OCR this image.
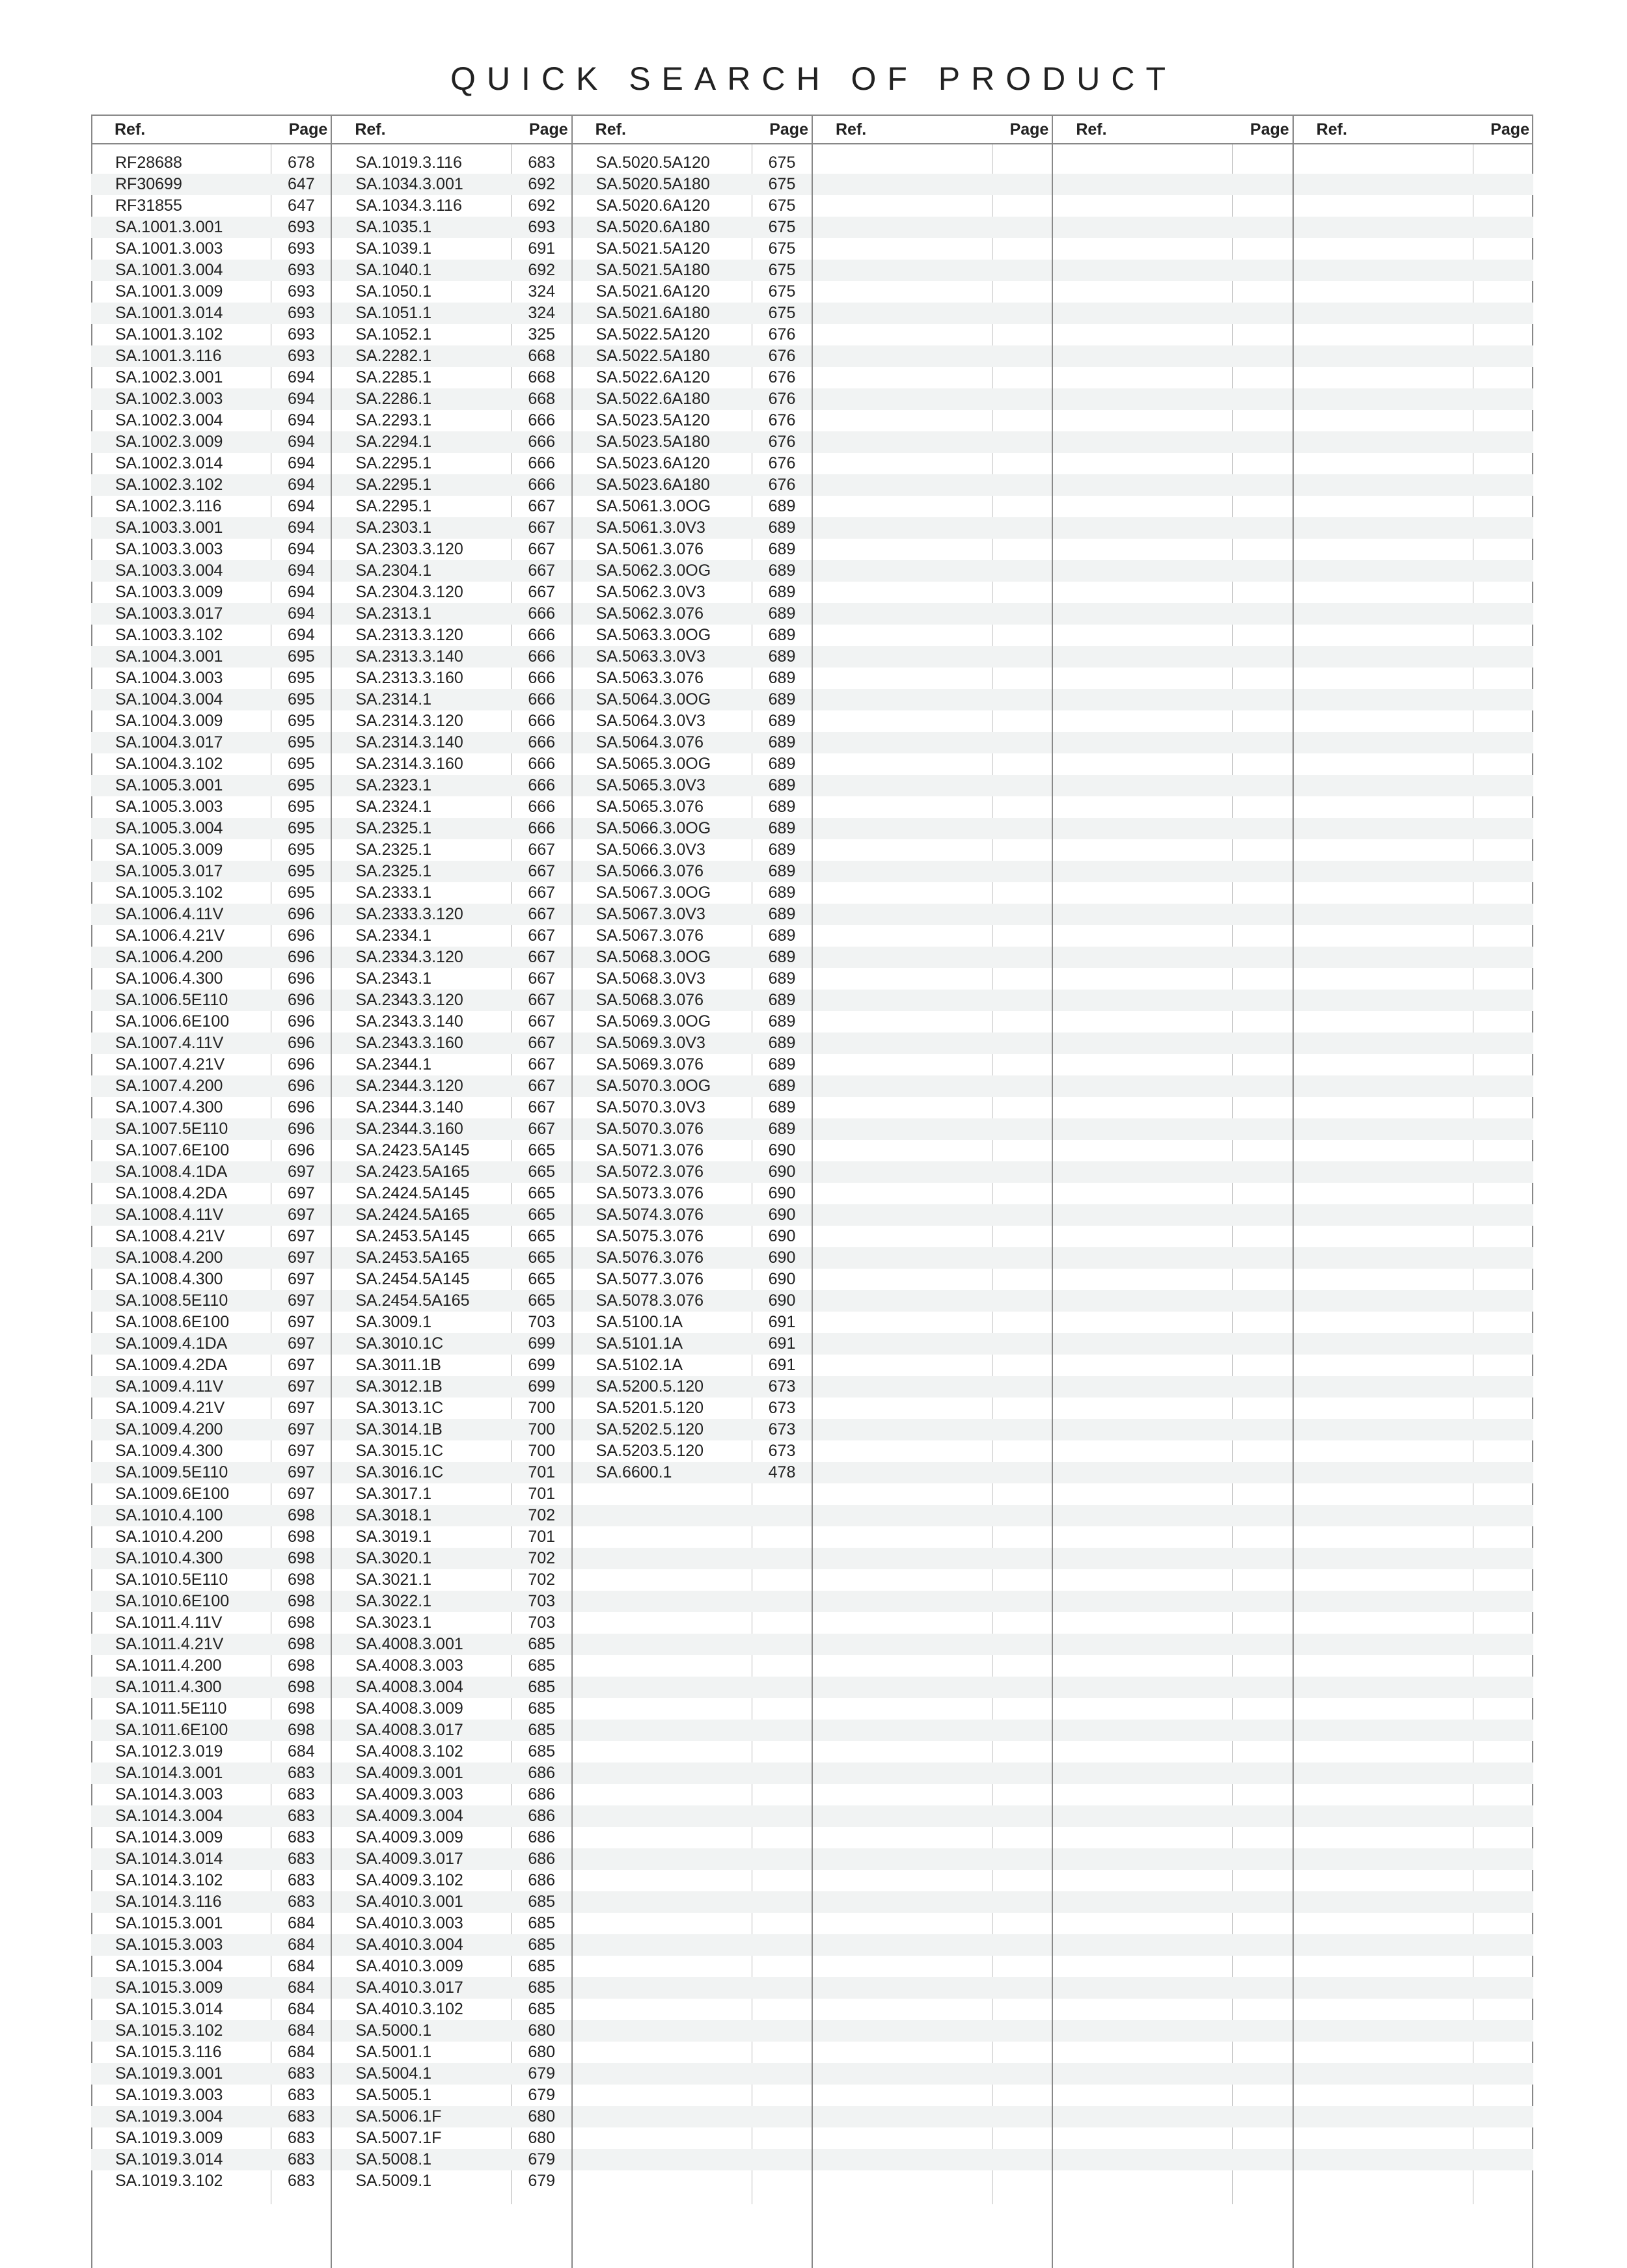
QUICK SEARCH OF PRODUCT
Ref.	Page
RF28688	678
RF30699	647
RF31855	647
SA.1001.3.001	693
SA.1001.3.003	693
SA.1001.3.004	693
SA.1001.3.009	693
SA.1001.3.014	693
SA.1001.3.102	693
SA.1001.3.116	693
SA.1002.3.001	694
SA.1002.3.003	694
SA.1002.3.004	694
SA.1002.3.009	694
SA.1002.3.014	694
SA.1002.3.102	694
SA.1002.3.116	694
SA.1003.3.001	694
SA.1003.3.003	694
SA.1003.3.004	694
SA.1003.3.009	694
SA.1003.3.017	694
SA.1003.3.102	694
SA.1004.3.001	695
SA.1004.3.003	695
SA.1004.3.004	695
SA.1004.3.009	695
SA.1004.3.017	695
SA.1004.3.102	695
SA.1005.3.001	695
SA.1005.3.003	695
SA.1005.3.004	695
SA.1005.3.009	695
SA.1005.3.017	695
SA.1005.3.102	695
SA.1006.4.11V	696
SA.1006.4.21V	696
SA.1006.4.200	696
SA.1006.4.300	696
SA.1006.5E110	696
SA.1006.6E100	696
SA.1007.4.11V	696
SA.1007.4.21V	696
SA.1007.4.200	696
SA.1007.4.300	696
SA.1007.5E110	696
SA.1007.6E100	696
SA.1008.4.1DA	697
SA.1008.4.2DA	697
SA.1008.4.11V	697
SA.1008.4.21V	697
SA.1008.4.200	697
SA.1008.4.300	697
SA.1008.5E110	697
SA.1008.6E100	697
SA.1009.4.1DA	697
SA.1009.4.2DA	697
SA.1009.4.11V	697
SA.1009.4.21V	697
SA.1009.4.200	697
SA.1009.4.300	697
SA.1009.5E110	697
SA.1009.6E100	697
SA.1010.4.100	698
SA.1010.4.200	698
SA.1010.4.300	698
SA.1010.5E110	698
SA.1010.6E100	698
SA.1011.4.11V	698
SA.1011.4.21V	698
SA.1011.4.200	698
SA.1011.4.300	698
SA.1011.5E110	698
SA.1011.6E100	698
SA.1012.3.019	684
SA.1014.3.001	683
SA.1014.3.003	683
SA.1014.3.004	683
SA.1014.3.009	683
SA.1014.3.014	683
SA.1014.3.102	683
SA.1014.3.116	683
SA.1015.3.001	684
SA.1015.3.003	684
SA.1015.3.004	684
SA.1015.3.009	684
SA.1015.3.014	684
SA.1015.3.102	684
SA.1015.3.116	684
SA.1019.3.001	683
SA.1019.3.003	683
SA.1019.3.004	683
SA.1019.3.009	683
SA.1019.3.014	683
SA.1019.3.102	683
Ref.	Page
SA.1019.3.116	683
SA.1034.3.001	692
SA.1034.3.116	692
SA.1035.1	693
SA.1039.1	691
SA.1040.1	692
SA.1050.1	324
SA.1051.1	324
SA.1052.1	325
SA.2282.1	668
SA.2285.1	668
SA.2286.1	668
SA.2293.1	666
SA.2294.1	666
SA.2295.1	666
SA.2295.1	666
SA.2295.1	667
SA.2303.1	667
SA.2303.3.120	667
SA.2304.1	667
SA.2304.3.120	667
SA.2313.1	666
SA.2313.3.120	666
SA.2313.3.140	666
SA.2313.3.160	666
SA.2314.1	666
SA.2314.3.120	666
SA.2314.3.140	666
SA.2314.3.160	666
SA.2323.1	666
SA.2324.1	666
SA.2325.1	666
SA.2325.1	667
SA.2325.1	667
SA.2333.1	667
SA.2333.3.120	667
SA.2334.1	667
SA.2334.3.120	667
SA.2343.1	667
SA.2343.3.120	667
SA.2343.3.140	667
SA.2343.3.160	667
SA.2344.1	667
SA.2344.3.120	667
SA.2344.3.140	667
SA.2344.3.160	667
SA.2423.5A145	665
SA.2423.5A165	665
SA.2424.5A145	665
SA.2424.5A165	665
SA.2453.5A145	665
SA.2453.5A165	665
SA.2454.5A145	665
SA.2454.5A165	665
SA.3009.1	703
SA.3010.1C	699
SA.3011.1B	699
SA.3012.1B	699
SA.3013.1C	700
SA.3014.1B	700
SA.3015.1C	700
SA.3016.1C	701
SA.3017.1	701
SA.3018.1	702
SA.3019.1	701
SA.3020.1	702
SA.3021.1	702
SA.3022.1	703
SA.3023.1	703
SA.4008.3.001	685
SA.4008.3.003	685
SA.4008.3.004	685
SA.4008.3.009	685
SA.4008.3.017	685
SA.4008.3.102	685
SA.4009.3.001	686
SA.4009.3.003	686
SA.4009.3.004	686
SA.4009.3.009	686
SA.4009.3.017	686
SA.4009.3.102	686
SA.4010.3.001	685
SA.4010.3.003	685
SA.4010.3.004	685
SA.4010.3.009	685
SA.4010.3.017	685
SA.4010.3.102	685
SA.5000.1	680
SA.5001.1	680
SA.5004.1	679
SA.5005.1	679
SA.5006.1F	680
SA.5007.1F	680
SA.5008.1	679
SA.5009.1	679
Ref.	Page
SA.5020.5A120	675
SA.5020.5A180	675
SA.5020.6A120	675
SA.5020.6A180	675
SA.5021.5A120	675
SA.5021.5A180	675
SA.5021.6A120	675
SA.5021.6A180	675
SA.5022.5A120	676
SA.5022.5A180	676
SA.5022.6A120	676
SA.5022.6A180	676
SA.5023.5A120	676
SA.5023.5A180	676
SA.5023.6A120	676
SA.5023.6A180	676
SA.5061.3.0OG	689
SA.5061.3.0V3	689
SA.5061.3.076	689
SA.5062.3.0OG	689
SA.5062.3.0V3	689
SA.5062.3.076	689
SA.5063.3.0OG	689
SA.5063.3.0V3	689
SA.5063.3.076	689
SA.5064.3.0OG	689
SA.5064.3.0V3	689
SA.5064.3.076	689
SA.5065.3.0OG	689
SA.5065.3.0V3	689
SA.5065.3.076	689
SA.5066.3.0OG	689
SA.5066.3.0V3	689
SA.5066.3.076	689
SA.5067.3.0OG	689
SA.5067.3.0V3	689
SA.5067.3.076	689
SA.5068.3.0OG	689
SA.5068.3.0V3	689
SA.5068.3.076	689
SA.5069.3.0OG	689
SA.5069.3.0V3	689
SA.5069.3.076	689
SA.5070.3.0OG	689
SA.5070.3.0V3	689
SA.5070.3.076	689
SA.5071.3.076	690
SA.5072.3.076	690
SA.5073.3.076	690
SA.5074.3.076	690
SA.5075.3.076	690
SA.5076.3.076	690
SA.5077.3.076	690
SA.5078.3.076	690
SA.5100.1A	691
SA.5101.1A	691
SA.5102.1A	691
SA.5200.5.120	673
SA.5201.5.120	673
SA.5202.5.120	673
SA.5203.5.120	673
SA.6600.1	478
Ref.	Page Ref.	Page Ref.	Page
